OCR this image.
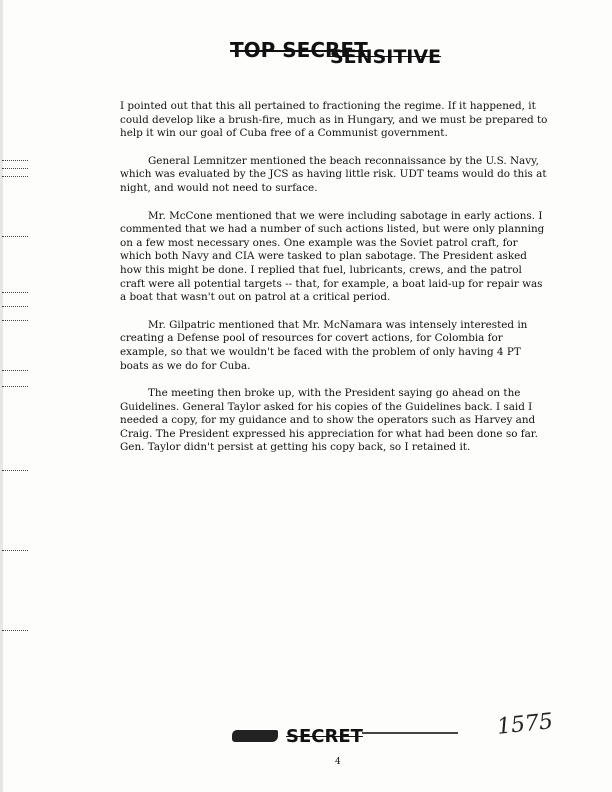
TOP SECRET
SENSITIVE

I pointed out that this all pertained to fractioning the regime. If it happened, it could develop like a brush-fire, much as in Hungary, and we must be prepared to help it win our goal of Cuba free of a Communist government.

General Lemnitzer mentioned the beach reconnaissance by the U.S. Navy, which was evaluated by the JCS as having little risk. UDT teams would do this at night, and would not need to surface.

Mr. McCone mentioned that we were including sabotage in early actions. I commented that we had a number of such actions listed, but were only planning on a few most necessary ones. One example was the Soviet patrol craft, for which both Navy and CIA were tasked to plan sabotage. The President asked how this might be done. I replied that fuel, lubricants, crews, and the patrol craft were all potential targets -- that, for example, a boat laid-up for repair was a boat that wasn't out on patrol at a critical period.

Mr. Gilpatric mentioned that Mr. McNamara was intensely interested in creating a Defense pool of resources for covert actions, for Colombia for example, so that we wouldn't be faced with the problem of only having 4 PT boats as we do for Cuba.

The meeting then broke up, with the President saying go ahead on the Guidelines. General Taylor asked for his copies of the Guidelines back. I said I needed a copy, for my guidance and to show the operators such as Harvey and Craig. The President expressed his appreciation for what had been done so far. Gen. Taylor didn't persist at getting his copy back, so I retained it.

SECRET
4
1575
